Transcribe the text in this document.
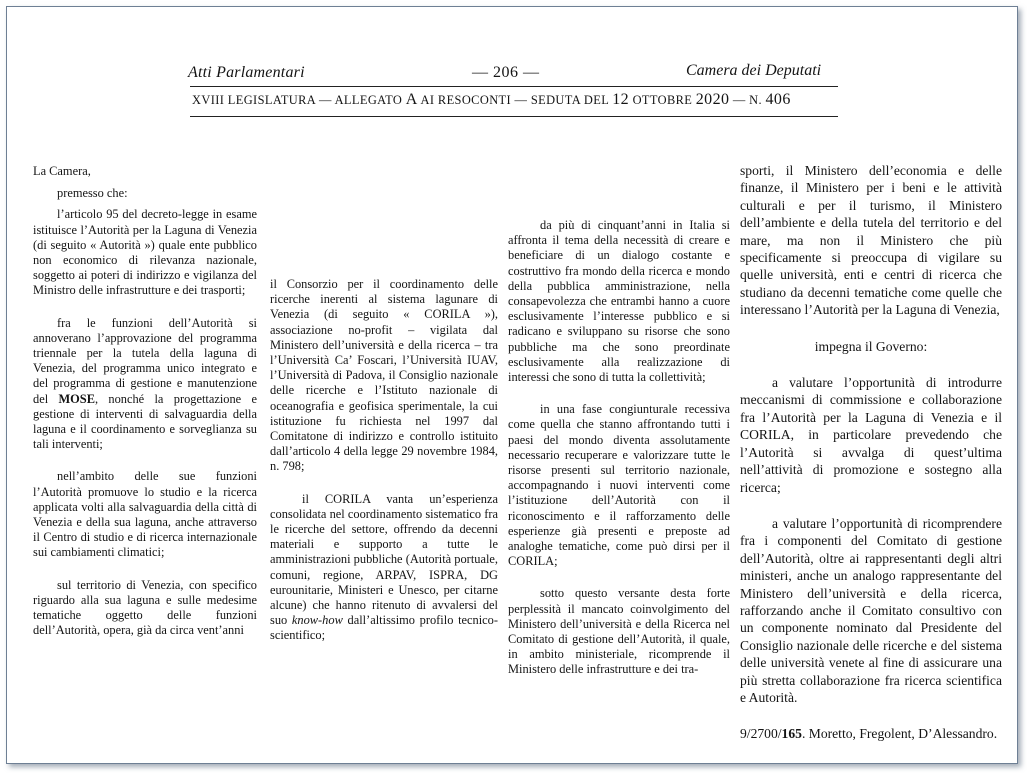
Atti Parlamentari	— 206 —	Camera dei Deputati
XVIII LEGISLATURA — ALLEGATO A AI RESOCONTI — SEDUTA DEL 12 OTTOBRE 2020 — N. 406

La Camera,

premesso che:

l’articolo 95 del decreto-legge in esame istituisce l’Autorità per la Laguna di Venezia (di seguito « Autorità ») quale ente pubblico non economico di rilevanza nazionale, soggetto ai poteri di indirizzo e vigilanza del Ministro delle infrastrutture e dei trasporti;

fra le funzioni dell’Autorità si annoverano l’approvazione del programma triennale per la tutela della laguna di Venezia, del programma unico integrato e del programma di gestione e manutenzione del MOSE, nonché la progettazione e gestione di interventi di salvaguardia della laguna e il coordinamento e sorveglianza su tali interventi;

nell’ambito delle sue funzioni l’Autorità promuove lo studio e la ricerca applicata volti alla salvaguardia della città di Venezia e della sua laguna, anche attraverso il Centro di studio e di ricerca internazionale sui cambiamenti climatici;

sul territorio di Venezia, con specifico riguardo alla sua laguna e sulle medesime tematiche oggetto delle funzioni dell’Autorità, opera, già da circa vent’anni

il Consorzio per il coordinamento delle ricerche inerenti al sistema lagunare di Venezia (di seguito « CORILA »), associazione no-profit – vigilata dal Ministero dell’università e della ricerca – tra l’Università Ca’ Foscari, l’Università IUAV, l’Università di Padova, il Consiglio nazionale delle ricerche e l’Istituto nazionale di oceanografia e geofisica sperimentale, la cui istituzione fu richiesta nel 1997 dal Comitatone di indirizzo e controllo istituito dall’articolo 4 della legge 29 novembre 1984, n. 798;

il CORILA vanta un’esperienza consolidata nel coordinamento sistematico fra le ricerche del settore, offrendo da decenni materiali e supporto a tutte le amministrazioni pubbliche (Autorità portuale, comuni, regione, ARPAV, ISPRA, DG eurounitarie, Ministeri e Unesco, per citarne alcune) che hanno ritenuto di avvalersi del suo know-how dall’altissimo profilo tecnico-scientifico;

da più di cinquant’anni in Italia si affronta il tema della necessità di creare e beneficiare di un dialogo costante e costruttivo fra mondo della ricerca e mondo della pubblica amministrazione, nella consapevolezza che entrambi hanno a cuore esclusivamente l’interesse pubblico e si radicano e sviluppano su risorse che sono pubbliche ma che sono preordinate esclusivamente alla realizzazione di interessi che sono di tutta la collettività;

in una fase congiunturale recessiva come quella che stanno affrontando tutti i paesi del mondo diventa assolutamente necessario recuperare e valorizzare tutte le risorse presenti sul territorio nazionale, accompagnando i nuovi interventi come l’istituzione dell’Autorità con il riconoscimento e il rafforzamento delle esperienze già presenti e preposte ad analoghe tematiche, come può dirsi per il CORILA;

sotto questo versante desta forte perplessità il mancato coinvolgimento del Ministero dell’università e della Ricerca nel Comitato di gestione dell’Autorità, il quale, in ambito ministeriale, ricomprende il Ministero delle infrastrutture e dei tra-

sporti, il Ministero dell’economia e delle finanze, il Ministero per i beni e le attività culturali e per il turismo, il Ministero dell’ambiente e della tutela del territorio e del mare, ma non il Ministero che più specificamente si preoccupa di vigilare su quelle università, enti e centri di ricerca che studiano da decenni tematiche come quelle che interessano l’Autorità per la Laguna di Venezia,

impegna il Governo:

a valutare l’opportunità di introdurre meccanismi di commissione e collaborazione fra l’Autorità per la Laguna di Venezia e il CORILA, in particolare prevedendo che l’Autorità si avvalga di quest’ultima nell’attività di promozione e sostegno alla ricerca;

a valutare l’opportunità di ricomprendere fra i componenti del Comitato di gestione dell’Autorità, oltre ai rappresentanti degli altri ministeri, anche un analogo rappresentante del Ministero dell’università e della ricerca, rafforzando anche il Comitato consultivo con un componente nominato dal Presidente del Consiglio nazionale delle ricerche e del sistema delle università venete al fine di assicurare una più stretta collaborazione fra ricerca scientifica e Autorità.

9/2700/165. Moretto, Fregolent, D’Alessandro.
